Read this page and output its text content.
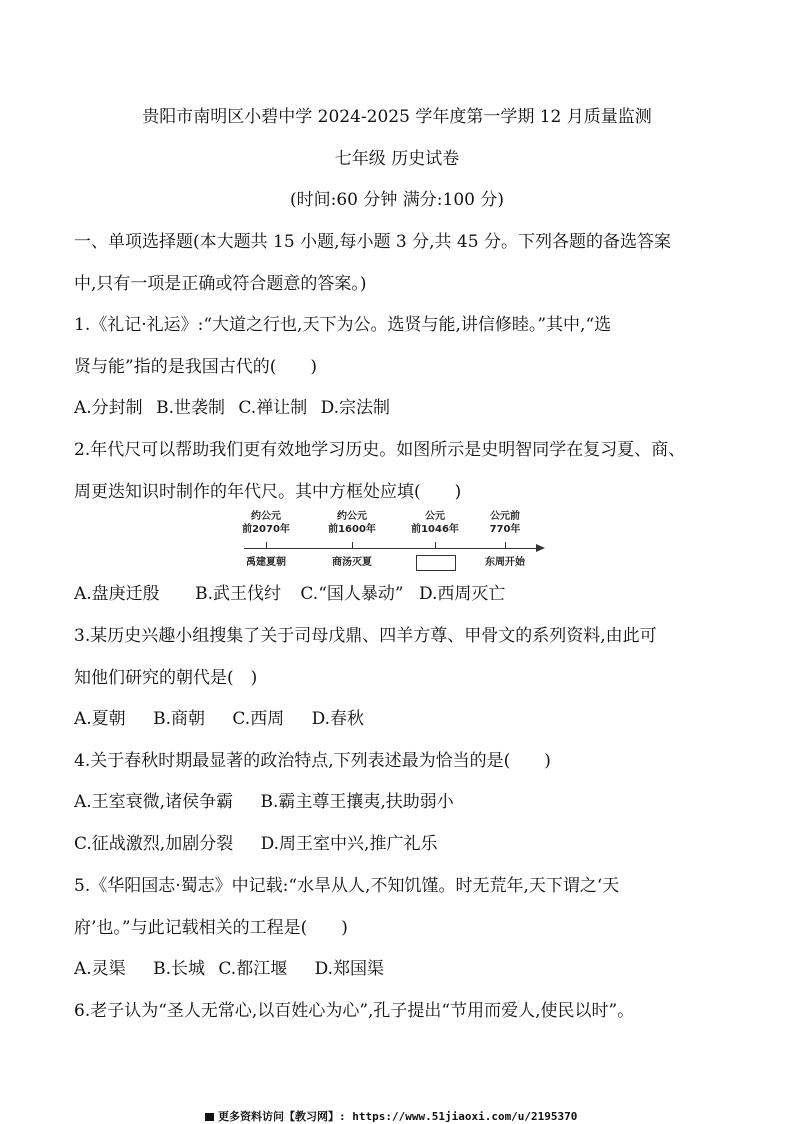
贵阳市南明区小碧中学 2024-2025 学年度第一学期 12 月质量监测
七年级 历史试卷
(时间:60 分钟 满分:100 分)
一、单项选择题(本大题共 15 小题,每小题 3 分,共 45 分。下列各题的备选答案
中,只有一项是正确或符合题意的答案。)
1.《礼记·礼运》:“大道之行也,天下为公。选贤与能,讲信修睦。”其中,“选
贤与能”指的是我国古代的(　　)
A.分封制 B.世袭制 C.禅让制 D.宗法制
2.年代尺可以帮助我们更有效地学习历史。如图所示是史明智同学在复习夏、商、
周更迭知识时制作的年代尺。其中方框处应填(　　)
约公元
前2070年
约公元
前1600年
公元
前1046年
公元前
770年
禹建夏朝	商汤灭夏	东周开始
A.盘庚迁殷 B.武王伐纣 C.“国人暴动” D.西周灭亡
3.某历史兴趣小组搜集了关于司母戊鼎、四羊方尊、甲骨文的系列资料,由此可
知他们研究的朝代是(　)
A.夏朝 B.商朝 C.西周 D.春秋
4.关于春秋时期最显著的政治特点,下列表述最为恰当的是(　　)
A.王室衰微,诸侯争霸 B.霸主尊王攘夷,扶助弱小
C.征战激烈,加剧分裂 D.周王室中兴,推广礼乐
5.《华阳国志·蜀志》中记载:“水旱从人,不知饥馑。时无荒年,天下谓之‘天
府’也。”与此记载相关的工程是(　　)
A.灵渠 B.长城 C.都江堰 D.郑国渠
6.老子认为“圣人无常心,以百姓心为心”,孔子提出“节用而爱人,使民以时”。
更多资料访问【教习网】: https://www.51jiaoxi.com/u/2195370
